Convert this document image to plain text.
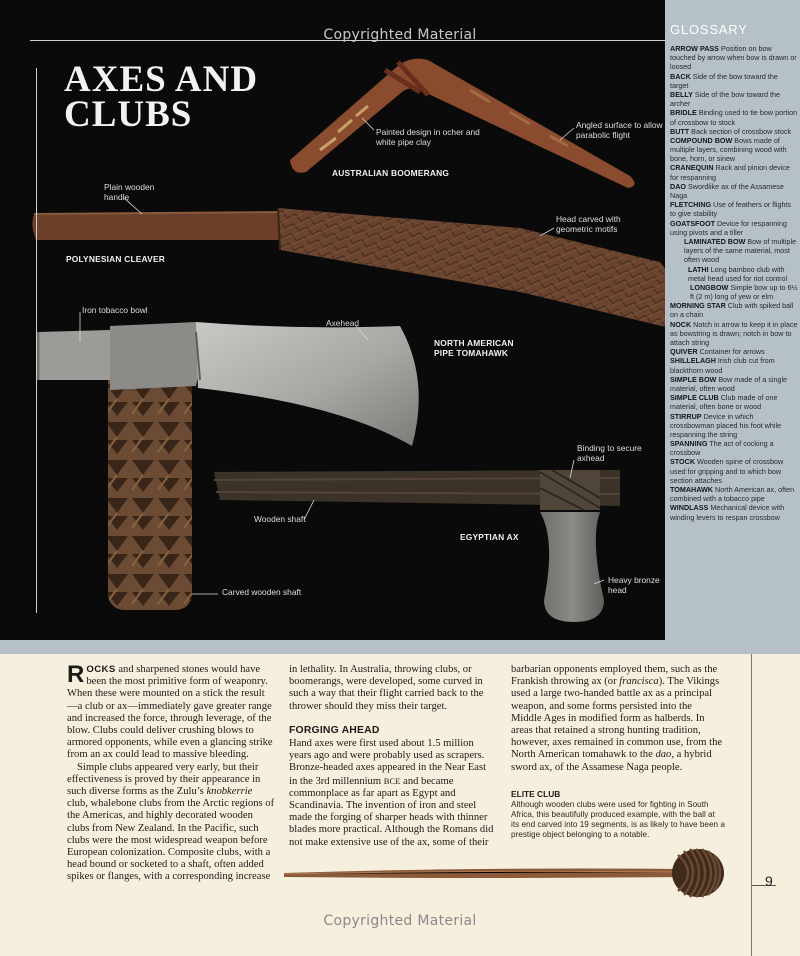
AXES AND
CLUBS	Painted design in ocher and white pipe clay
Angled surface to allow parabolic flight
AUSTRALIAN BOOMERANG
Plain wooden handle
Head carved with geometric motifs
POLYNESIAN CLEAVER
Iron tobacco bowl
Axehead
NORTH AMERICAN
PIPE TOMAHAWK
Carved wooden shaft
Binding to secure axhead
Wooden shaft
EGYPTIAN AX
Heavy bronze head
GLOSSARY
ARROW PASS Position on bow touched by arrow when bow is drawn or loosed
BACK Side of the bow toward the target
BELLY Side of the bow toward the archer
BRIDLE Binding used to tie bow portion of crossbow to stock
BUTT Back section of crossbow stock
COMPOUND BOW Bows made of multiple layers, combining wood with bone, horn, or sinew
CRANEQUIN Rack and pinion device for respanning
DAO Swordlike ax of the Assamese Naga
FLETCHING Use of feathers or flights to give stability
GOATSFOOT Device for respanning using pivots and a tiller
LAMINATED BOW Bow of multiple layers of the same material, most often wood
LATHI Long bamboo club with metal head used for riot control
LONGBOW Simple bow up to 6½ ft (2 m) long of yew or elm
MORNING STAR Club with spiked ball on a chain
NOCK Notch in arrow to keep it in place as bowstring is drawn; notch in bow to attach string
QUIVER Container for arrows
SHILLELAGH Irish club cut from blackthorn wood
SIMPLE BOW Bow made of a single material, often wood
SIMPLE CLUB Club made of one material, often bone or wood
STIRRUP Device in which crossbowman placed his foot while respanning the string
SPANNING The act of cocking a crossbow
STOCK Wooden spine of crossbow used for gripping and to which bow section attaches
TOMAHAWK North American ax, often combined with a tobacco pipe
WINDLASS Mechanical device with winding levers to respan crossbow
Copyrighted Material

ROCKS and sharpened stones would have been the most primitive form of weaponry. When these were mounted on a stick the result—a club or ax—immediately gave greater range and increased the force, through leverage, of the blow. Clubs could deliver crushing blows to armored opponents, while even a glancing strike from an ax could lead to massive bleeding.

Simple clubs appeared very early, but their effectiveness is proved by their appearance in such diverse forms as the Zulu’s knobkerrie club, whalebone clubs from the Arctic regions of the Americas, and highly decorated wooden clubs from New Zealand. In the Pacific, such clubs were the most widespread weapon before European colonization. Composite clubs, with a head bound or socketed to a shaft, often added spikes or flanges, with a corresponding increase

in lethality. In Australia, throwing clubs, or boomerangs, were developed, some curved in such a way that their flight carried back to the thrower should they miss their target.

FORGING AHEAD

Hand axes were first used about 1.5 million years ago and were probably used as scrapers. Bronze-headed axes appeared in the Near East in the 3rd millennium BCE and became commonplace as far apart as Egypt and Scandinavia. The invention of iron and steel made the forging of sharper heads with thinner blades more practical. Although the Romans did not make extensive use of the ax, some of their

barbarian opponents employed them, such as the Frankish throwing ax (or francisca). The Vikings used a large two-handed battle ax as a principal weapon, and some forms persisted into the Middle Ages in modified form as halberds. In areas that retained a strong hunting tradition, however, axes remained in common use, from the North American tomahawk to the dao, a hybrid sword ax, of the Assamese Naga people.

ELITE CLUB
Although wooden clubs were used for fighting in South Africa, this beautifully produced example, with the ball at its end carved into 19 segments, is as likely to have been a prestige object belonging to a notable.
9
Copyrighted Material
